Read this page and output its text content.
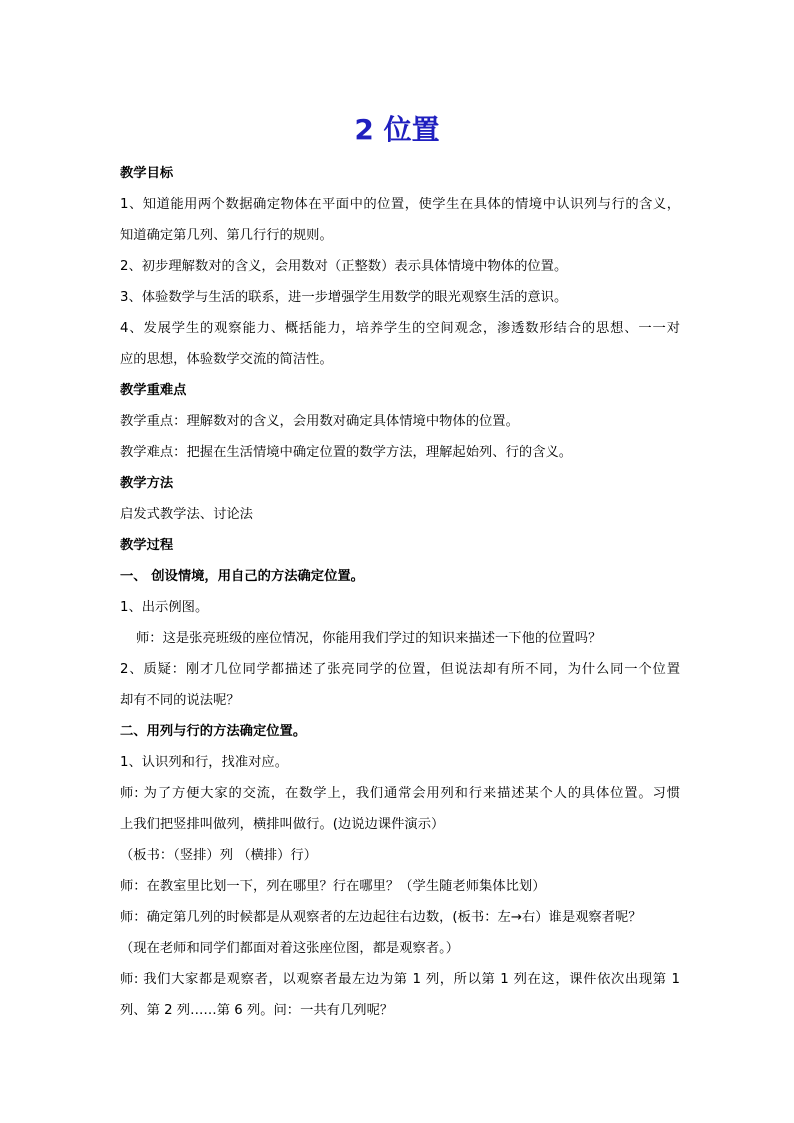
2 位置
教学目标
1、知道能用两个数据确定物体在平面中的位置，使学生在具体的情境中认识列与行的含义，
知道确定第几列、第几行行的规则。
2、初步理解数对的含义，会用数对（正整数）表示具体情境中物体的位置。
3、体验数学与生活的联系，进一步增强学生用数学的眼光观察生活的意识。
4、发展学生的观察能力、概括能力，培养学生的空间观念，渗透数形结合的思想、一一对
应的思想，体验数学交流的简洁性。
教学重难点
教学重点：理解数对的含义，会用数对确定具体情境中物体的位置。
教学难点：把握在生活情境中确定位置的数学方法，理解起始列、行的含义。
教学方法
启发式教学法、讨论法
教学过程
一、 创设情境，用自己的方法确定位置。
1、出示例图。
师：这是张亮班级的座位情况，你能用我们学过的知识来描述一下他的位置吗？
2、质疑：刚才几位同学都描述了张亮同学的位置，但说法却有所不同，为什么同一个位置
却有不同的说法呢？
二、用列与行的方法确定位置。
1、认识列和行，找准对应。
师: 为了方便大家的交流，在数学上，我们通常会用列和行来描述某个人的具体位置。习惯
上我们把竖排叫做列，横排叫做行。(边说边课件演示）
（板书：（竖排）列 （横排）行）
师：在教室里比划一下，列在哪里？行在哪里？（学生随老师集体比划）
师：确定第几列的时候都是从观察者的左边起往右边数，(板书：左→右）谁是观察者呢？
（现在老师和同学们都面对着这张座位图，都是观察者。）
师: 我们大家都是观察者，以观察者最左边为第 1 列，所以第 1 列在这，课件依次出现第 1
列、第 2 列……第 6 列。问：一共有几列呢？
